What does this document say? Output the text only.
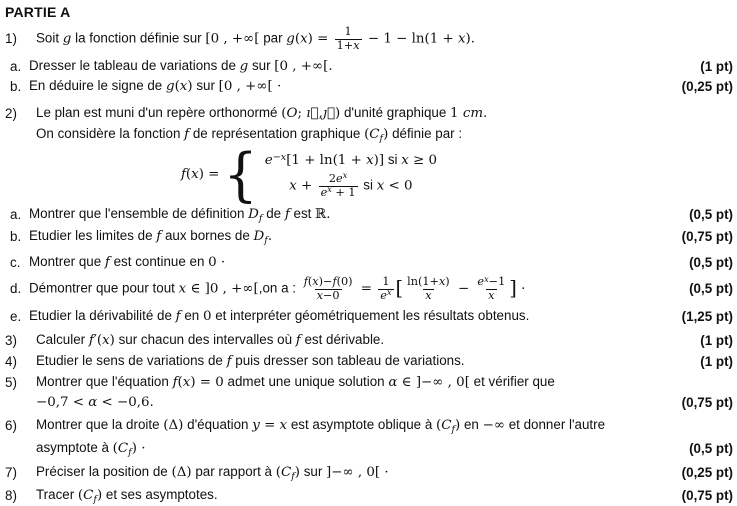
PARTIE A
1)	Soit g la fonction définie sur [0 , +∞[ par $g(x) = \frac{1}{1+x} - 1 - \ln(1 + x)$.
a. Dresser le tableau de variations de g sur [0 , +∞[.	(1 pt)
b. En déduire le signe de g(x) sur [0 , +∞[ ·	(0,25 pt)
2)	Le plan est muni d'un repère orthonormé (O; ı⃗,ȷ⃗) d'unité graphique 1 cm.
On considère la fonction f de représentation graphique (Cf) définie par :
f(x) = { $e^{-x}[1 + \ln(1 + x)]$ si x ≥ 0
$x + \frac{2e^x}{e^x + 1}$ si x < 0
a. Montrer que l'ensemble de définition Df de f est ℝ.	(0,5 pt)
b. Etudier les limites de f aux bornes de Df.	(0,75 pt)
c. Montrer que f est continue en 0 ·	(0,5 pt)
d. Démontrer que pour tout x ∈ ]0 , +∞[,on a : $\frac{f(x)-f(0)}{x-0} = \frac{1}{e^x}$ [ $\frac{\ln(1+x)}{x} - \frac{e^x-1}{x}$ ] ·	(0,5 pt)
e. Etudier la dérivabilité de f en 0 et interpréter géométriquement les résultats obtenus.	(1,25 pt)
3)	Calculer f′(x) sur chacun des intervalles où f est dérivable.	(1 pt)
4)	Etudier le sens de variations de f puis dresser son tableau de variations.	(1 pt)
5)	Montrer que l'équation f(x) = 0 admet une unique solution α ∈ ]−∞ , 0[ et vérifier que
−0,7 < α < −0,6.	(0,75 pt)
6)	Montrer que la droite (Δ) d'équation y = x est asymptote oblique à (Cf) en −∞ et donner l'autre
asymptote à (Cf) ·	(0,5 pt)
7)	Préciser la position de (Δ) par rapport à (Cf) sur ]−∞ , 0[ ·	(0,25 pt)
8)	Tracer (Cf) et ses asymptotes.	(0,75 pt)
